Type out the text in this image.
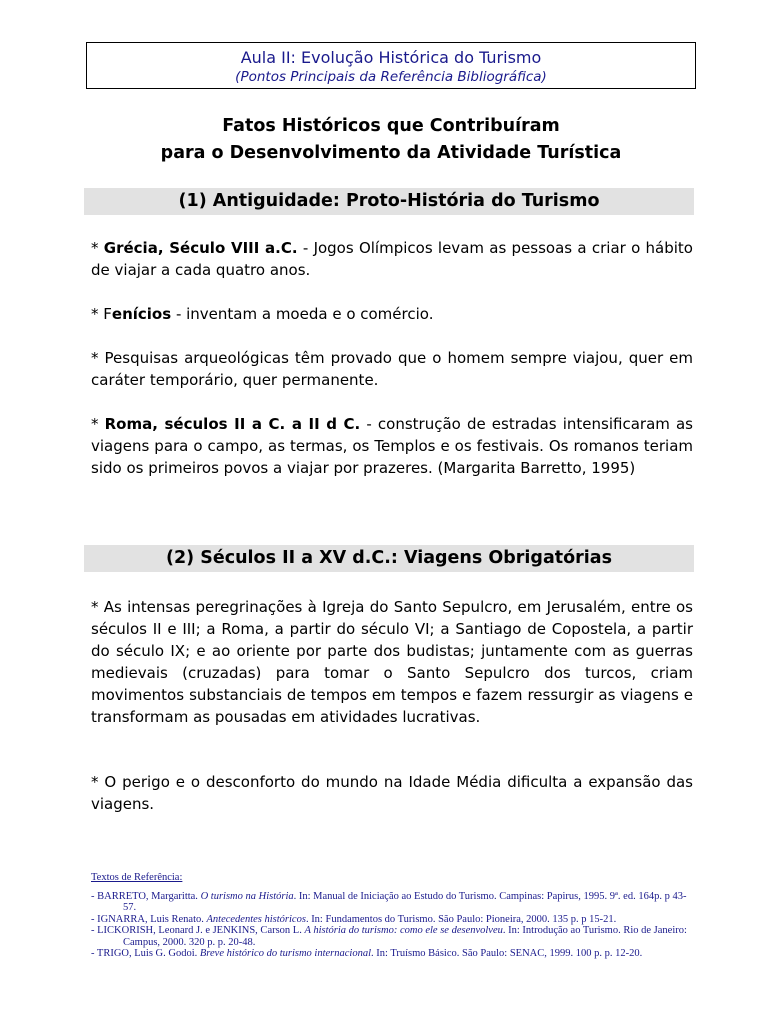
Aula II: Evolução Histórica do Turismo
(Pontos Principais da Referência Bibliográfica)
Fatos Históricos que Contribuíram
para o Desenvolvimento da Atividade Turística
(1) Antiguidade: Proto-História do Turismo
* Grécia, Século VIII a.C. - Jogos Olímpicos levam as pessoas a criar o hábito de viajar a cada quatro anos.
* Fenícios - inventam a moeda e o comércio.
* Pesquisas arqueológicas têm provado que o homem sempre viajou, quer em caráter temporário, quer permanente.
* Roma, séculos II a C. a II d C. - construção de estradas intensificaram as viagens para o campo, as termas, os Templos e os festivais. Os romanos teriam sido os primeiros povos a viajar por prazeres. (Margarita Barretto, 1995)
(2) Séculos II a XV d.C.: Viagens Obrigatórias
* As intensas peregrinações à Igreja do Santo Sepulcro, em Jerusalém, entre os séculos II e III; a Roma, a partir do século VI; a Santiago de Copostela, a partir do século IX; e ao oriente por parte dos budistas; juntamente com as guerras medievais (cruzadas) para tomar o Santo Sepulcro dos turcos, criam movimentos substanciais de tempos em tempos e fazem ressurgir as viagens e transformam as pousadas em atividades lucrativas.
* O perigo e o desconforto do mundo na Idade Média dificulta a expansão das viagens.
Textos de Referência:
- BARRETO, Margaritta. O turismo na História. In: Manual de Iniciação ao Estudo do Turismo. Campinas: Papirus, 1995. 9ª. ed. 164p. p 43-57.
- IGNARRA, Luis Renato. Antecedentes históricos. In: Fundamentos do Turismo. São Paulo: Pioneira, 2000. 135 p. p 15-21.
- LICKORISH, Leonard J. e JENKINS, Carson L. A história do turismo: como ele se desenvolveu. In: Introdução ao Turismo. Rio de Janeiro: Campus, 2000. 320 p. p. 20-48.
- TRIGO, Luis G. Godoi. Breve histórico do turismo internacional. In: Truísmo Básico. São Paulo: SENAC, 1999. 100 p. p. 12-20.
